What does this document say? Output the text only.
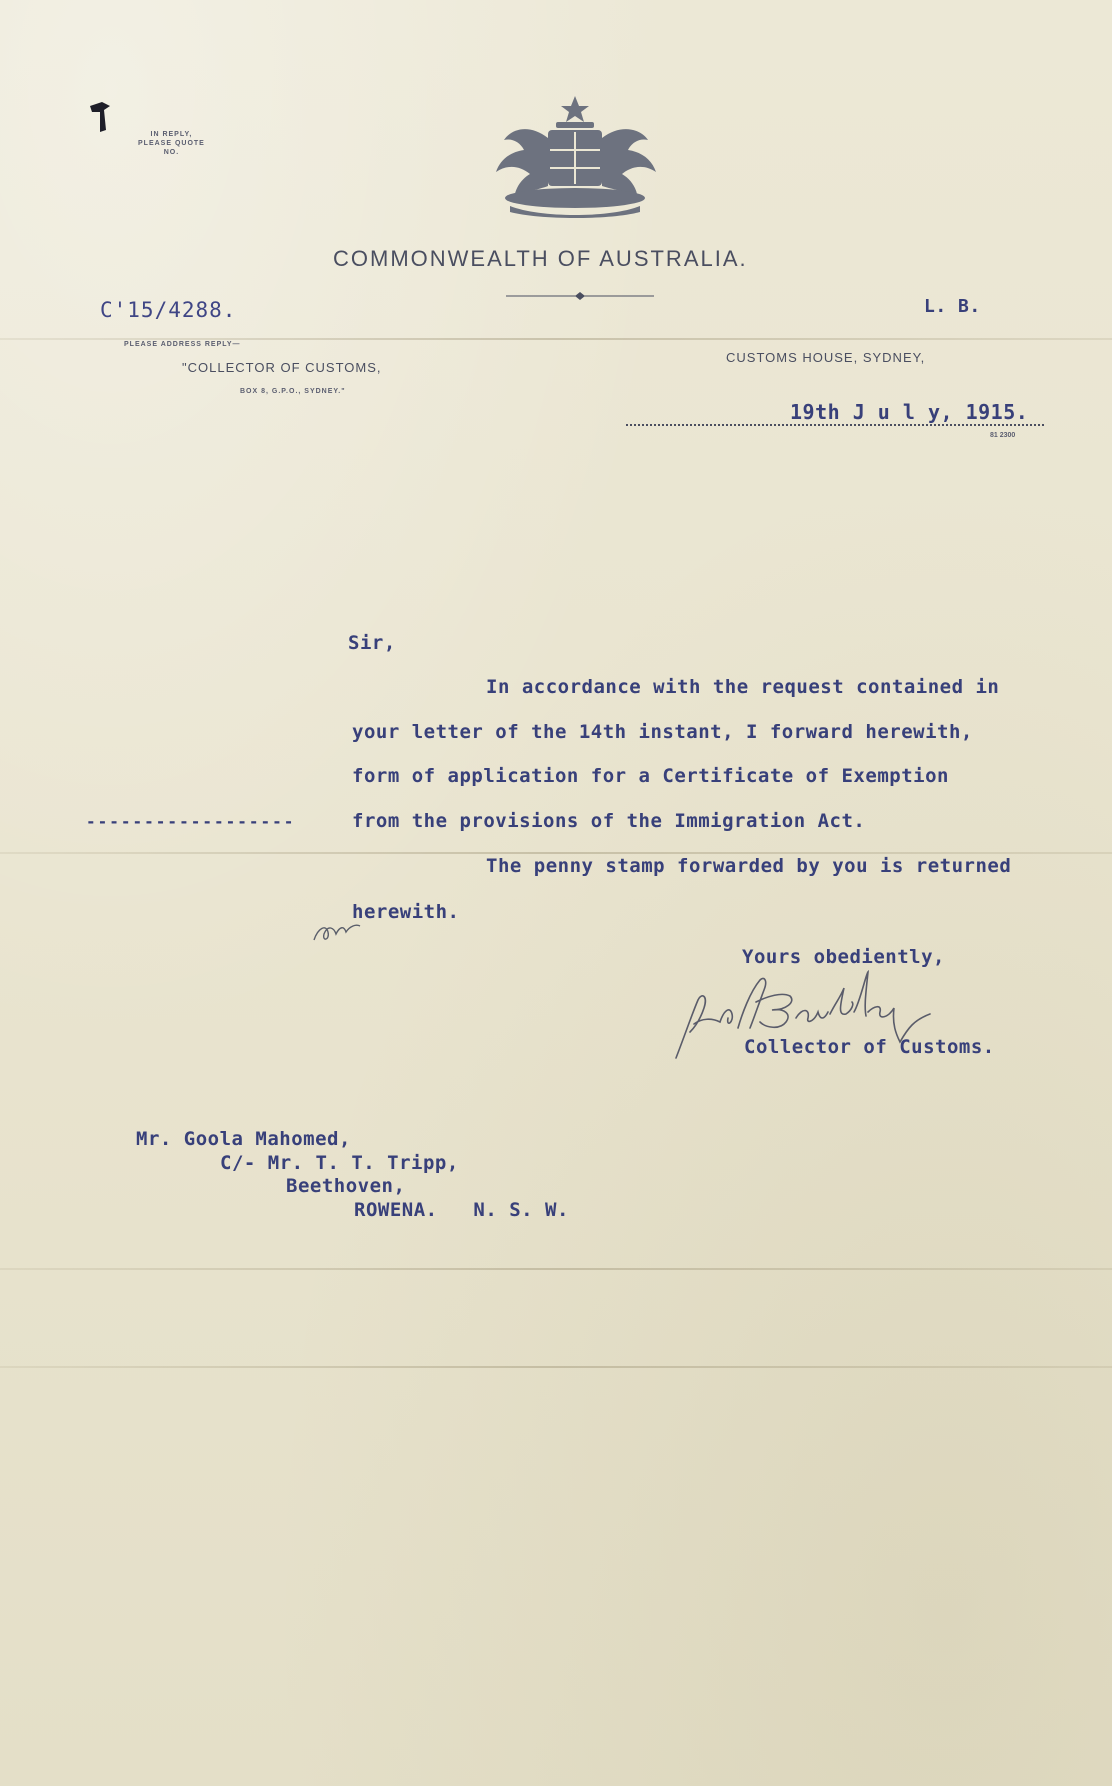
IN REPLY,
PLEASE QUOTE
NO.
COMMONWEALTH OF AUSTRALIA.
C'15/4288.	L. B.
PLEASE ADDRESS REPLY—
"COLLECTOR OF CUSTOMS,
BOX 8, G.P.O., SYDNEY."
CUSTOMS HOUSE, SYDNEY,
19th J u l y, 1915.
81 2300
Sir,
In accordance with the request contained in
your letter of the 14th instant, I forward herewith,
form of application for a Certificate of Exemption
------------------	from the provisions of the Immigration Act.
The penny stamp forwarded by you is returned
herewith.
Yours obediently,
Collector of Customs.
Mr. Goola Mahomed,
C/- Mr. T. T. Tripp,
Beethoven,
ROWENA.   N. S. W.
